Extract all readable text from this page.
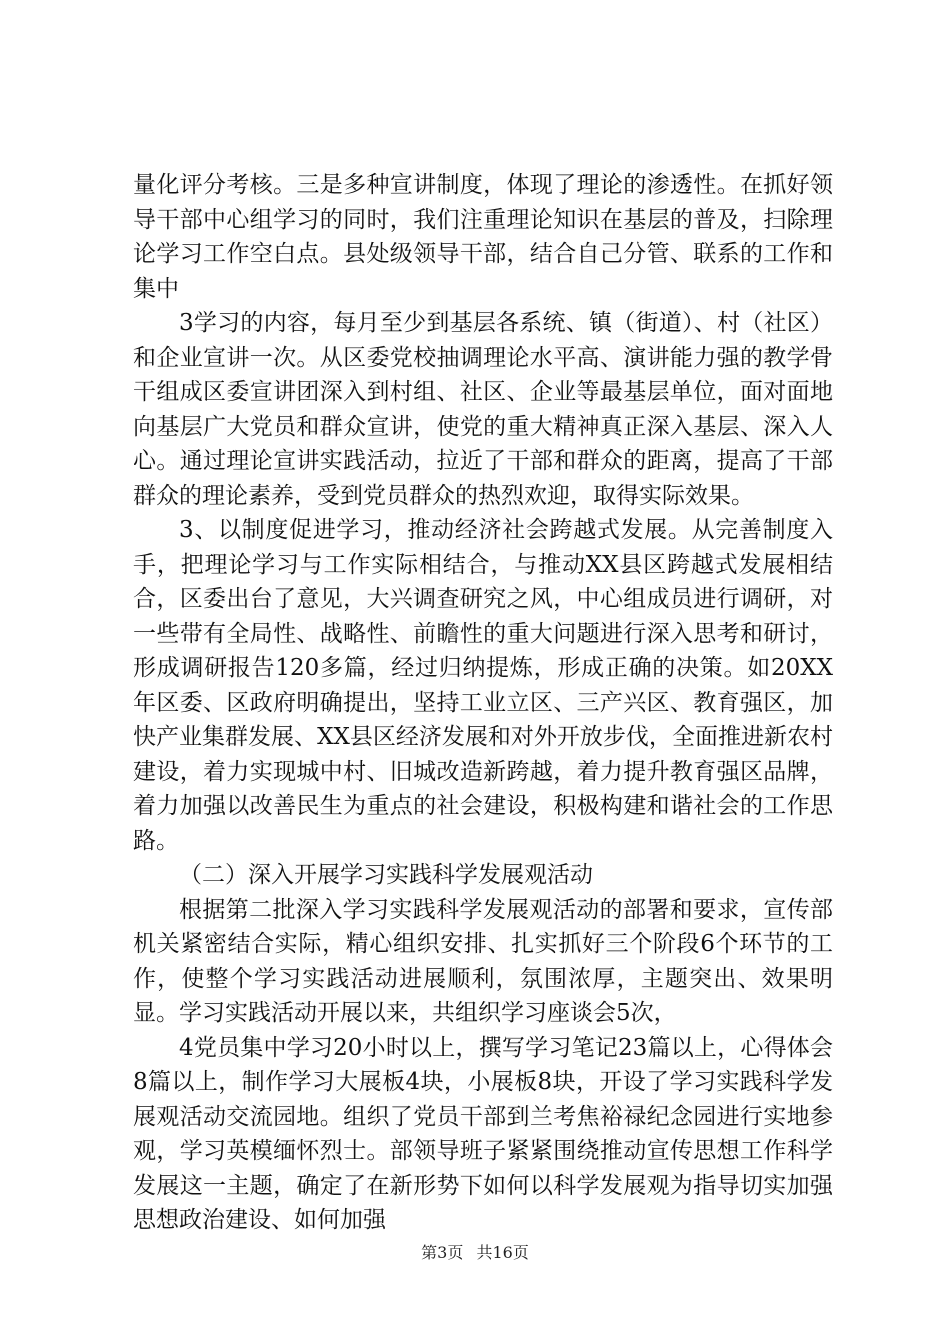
量化评分考核。三是多种宣讲制度，体现了理论的渗透性。在抓好领导干部中心组学习的同时，我们注重理论知识在基层的普及，扫除理论学习工作空白点。县处级领导干部，结合自己分管、联系的工作和集中

3学习的内容，每月至少到基层各系统、镇（街道）、村（社区）和企业宣讲一次。从区委党校抽调理论水平高、演讲能力强的教学骨干组成区委宣讲团深入到村组、社区、企业等最基层单位，面对面地向基层广大党员和群众宣讲，使党的重大精神真正深入基层、深入人心。通过理论宣讲实践活动，拉近了干部和群众的距离，提高了干部群众的理论素养，受到党员群众的热烈欢迎，取得实际效果。

3、以制度促进学习，推动经济社会跨越式发展。从完善制度入手，把理论学习与工作实际相结合，与推动XX县区跨越式发展相结合，区委出台了意见，大兴调查研究之风，中心组成员进行调研，对一些带有全局性、战略性、前瞻性的重大问题进行深入思考和研讨，形成调研报告120多篇，经过归纳提炼，形成正确的决策。如20XX年区委、区政府明确提出，坚持工业立区、三产兴区、教育强区，加快产业集群发展、XX县区经济发展和对外开放步伐，全面推进新农村建设，着力实现城中村、旧城改造新跨越，着力提升教育强区品牌，着力加强以改善民生为重点的社会建设，积极构建和谐社会的工作思路。

（二）深入开展学习实践科学发展观活动

根据第二批深入学习实践科学发展观活动的部署和要求，宣传部机关紧密结合实际，精心组织安排、扎实抓好三个阶段6个环节的工作，使整个学习实践活动进展顺利，氛围浓厚，主题突出、效果明显。学习实践活动开展以来，共组织学习座谈会5次，

4党员集中学习20小时以上，撰写学习笔记23篇以上，心得体会8篇以上，制作学习大展板4块，小展板8块，开设了学习实践科学发展观活动交流园地。组织了党员干部到兰考焦裕禄纪念园进行实地参观，学习英模缅怀烈士。部领导班子紧紧围绕推动宣传思想工作科学发展这一主题，确定了在新形势下如何以科学发展观为指导切实加强思想政治建设、如何加强

第3页 共16页
